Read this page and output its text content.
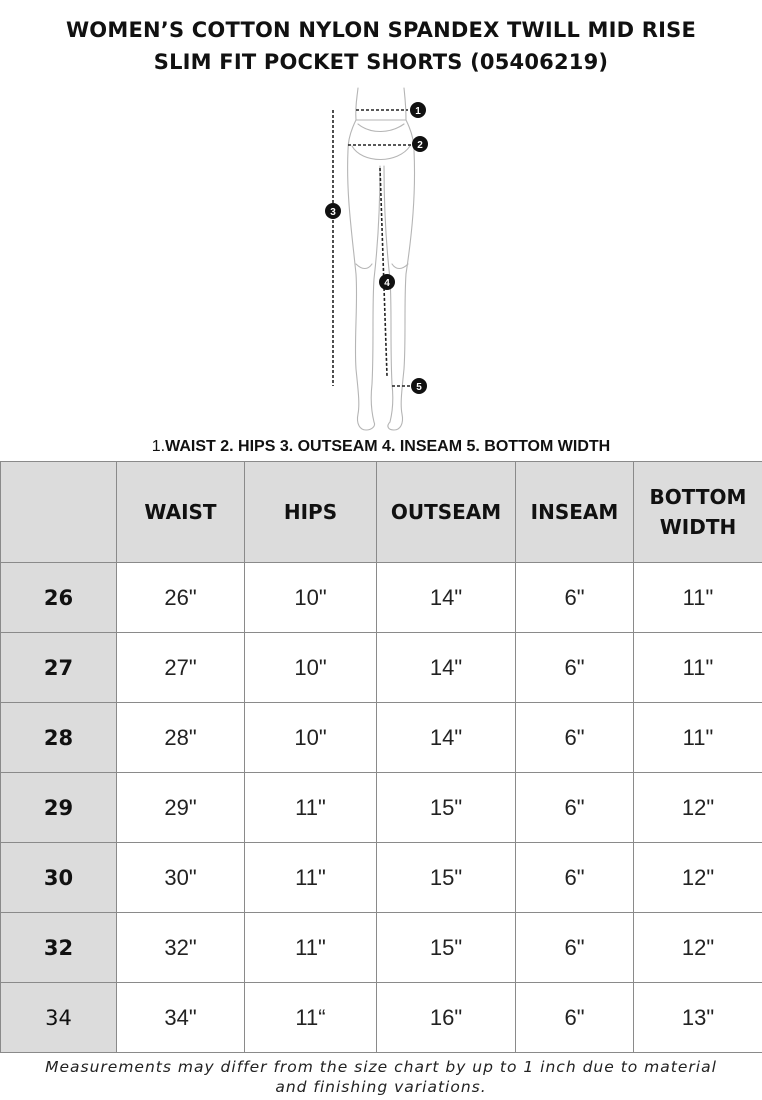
WOMEN’S COTTON NYLON SPANDEX TWILL MID RISE
SLIM FIT POCKET SHORTS (05406219)
1
2
3
4
5
1.WAIST 2. HIPS 3. OUTSEAM 4. INSEAM 5. BOTTOM WIDTH
	WAIST	HIPS	OUTSEAM	INSEAM	BOTTOM WIDTH
26	26"	10"	14"	6"	11"
27	27"	10"	14"	6"	11"
28	28"	10"	14"	6"	11"
29	29"	11"	15"	6"	12"
30	30"	11"	15"	6"	12"
32	32"	11"	15"	6"	12"
34	34"	11“	16"	6"	13"
Measurements may differ from the size chart by up to 1 inch due to material
and finishing variations.
